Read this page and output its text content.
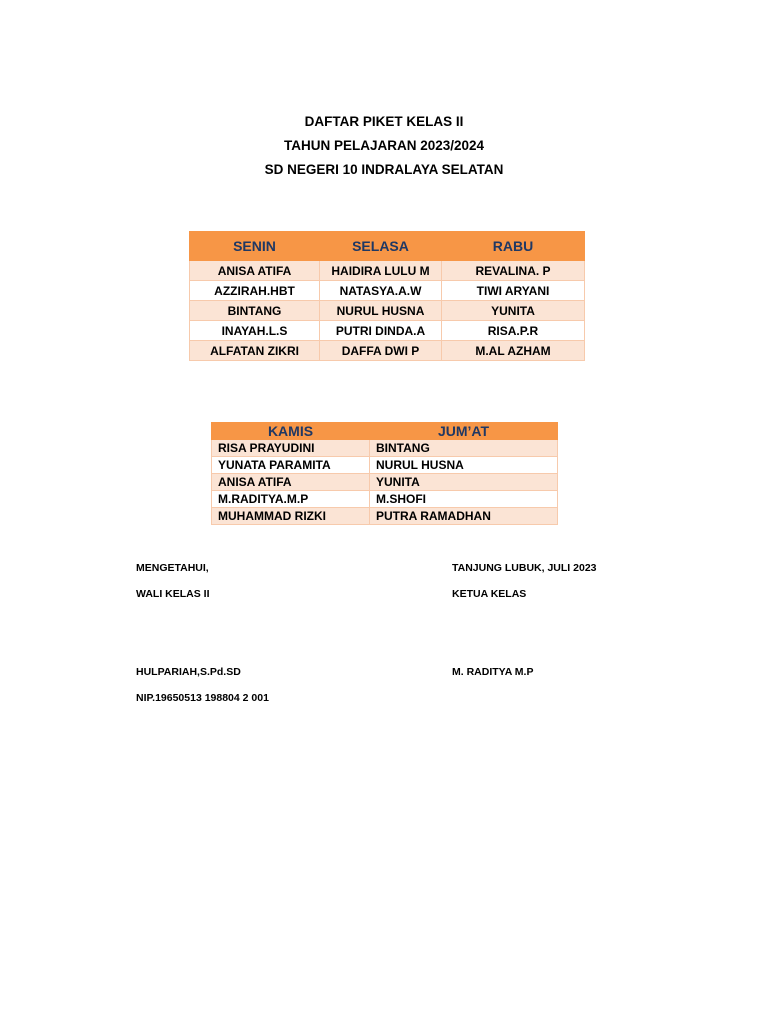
DAFTAR PIKET KELAS II
TAHUN PELAJARAN 2023/2024
SD NEGERI 10 INDRALAYA SELATAN
SENIN	SELASA	RABU
ANISA ATIFA	HAIDIRA LULU M	REVALINA. P
AZZIRAH.HBT	NATASYA.A.W	TIWI ARYANI
BINTANG	NURUL HUSNA	YUNITA
INAYAH.L.S	PUTRI DINDA.A	RISA.P.R
ALFATAN ZIKRI	DAFFA DWI P	M.AL AZHAM
KAMIS	JUM’AT
RISA PRAYUDINI	BINTANG
YUNATA PARAMITA	NURUL HUSNA
ANISA ATIFA	YUNITA
M.RADITYA.M.P	M.SHOFI
MUHAMMAD RIZKI	PUTRA RAMADHAN
MENGETAHUI,
WALI KELAS II
HULPARIAH,S.Pd.SD
NIP.19650513 198804 2 001
TANJUNG LUBUK, JULI 2023
KETUA KELAS
M. RADITYA M.P
